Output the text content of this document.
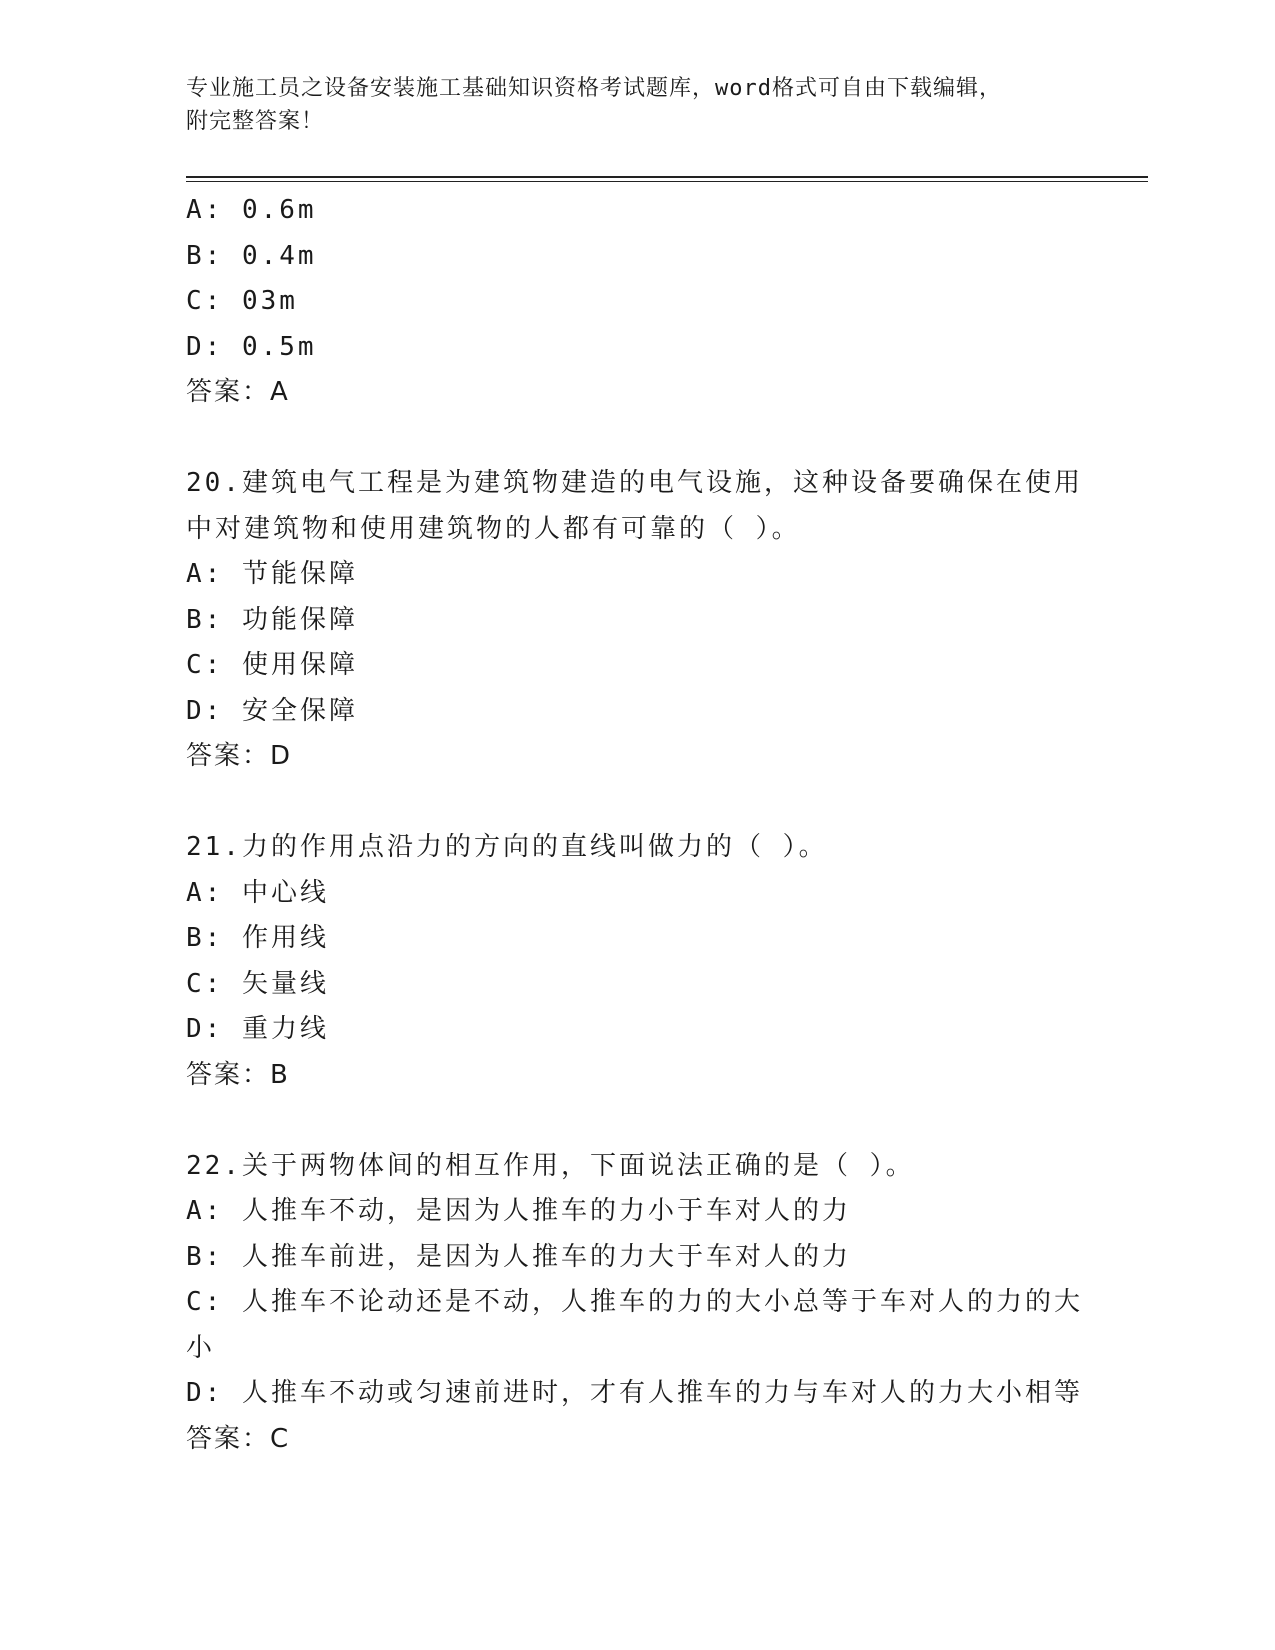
专业施工员之设备安装施工基础知识资格考试题库，word格式可自由下载编辑，
附完整答案！
A: 0.6m
B: 0.4m
C: 03m
D: 0.5m
答案：A
20.建筑电气工程是为建筑物建造的电气设施，这种设备要确保在使用
中对建筑物和使用建筑物的人都有可靠的（ ）。
A: 节能保障
B: 功能保障
C: 使用保障
D: 安全保障
答案：D
21.力的作用点沿力的方向的直线叫做力的（ ）。
A: 中心线
B: 作用线
C: 矢量线
D: 重力线
答案：B
22.关于两物体间的相互作用，下面说法正确的是（ ）。
A: 人推车不动，是因为人推车的力小于车对人的力
B: 人推车前进，是因为人推车的力大于车对人的力
C: 人推车不论动还是不动，人推车的力的大小总等于车对人的力的大
小
D: 人推车不动或匀速前进时，才有人推车的力与车对人的力大小相等
答案：C
